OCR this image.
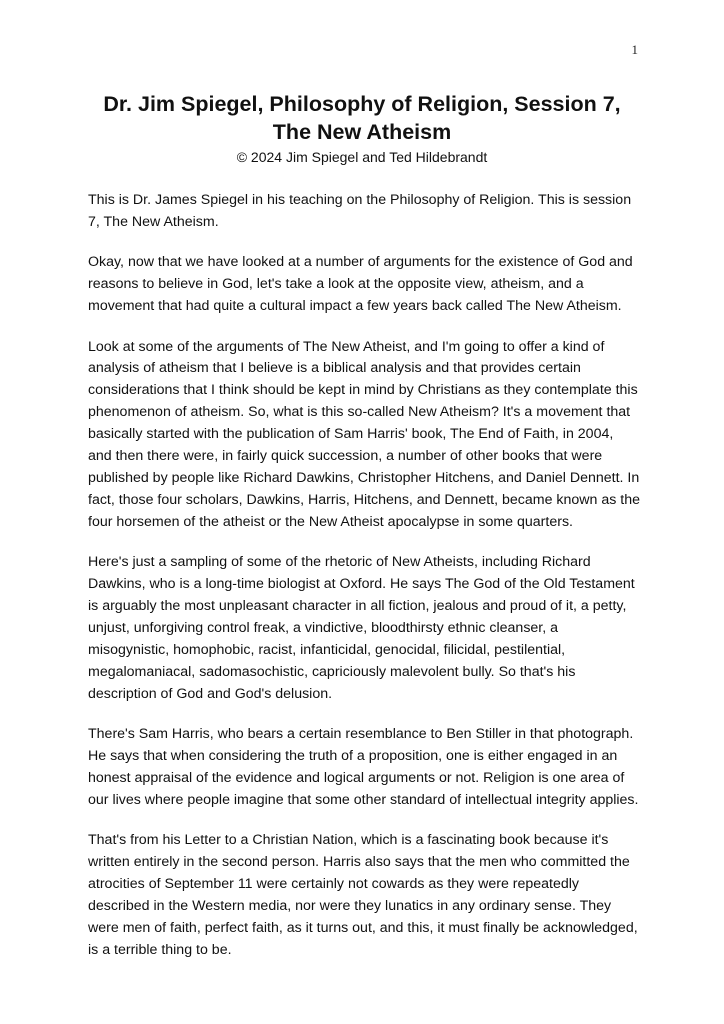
1
Dr. Jim Spiegel, Philosophy of Religion, Session 7, The New Atheism
© 2024 Jim Spiegel and Ted Hildebrandt

This is Dr. James Spiegel in his teaching on the Philosophy of Religion. This is session 7, The New Atheism.

Okay, now that we have looked at a number of arguments for the existence of God and reasons to believe in God, let's take a look at the opposite view, atheism, and a movement that had quite a cultural impact a few years back called The New Atheism.

Look at some of the arguments of The New Atheist, and I'm going to offer a kind of analysis of atheism that I believe is a biblical analysis and that provides certain considerations that I think should be kept in mind by Christians as they contemplate this phenomenon of atheism. So, what is this so-called New Atheism? It's a movement that basically started with the publication of Sam Harris' book, The End of Faith, in 2004, and then there were, in fairly quick succession, a number of other books that were published by people like Richard Dawkins, Christopher Hitchens, and Daniel Dennett. In fact, those four scholars, Dawkins, Harris, Hitchens, and Dennett, became known as the four horsemen of the atheist or the New Atheist apocalypse in some quarters.

Here's just a sampling of some of the rhetoric of New Atheists, including Richard Dawkins, who is a long-time biologist at Oxford. He says The God of the Old Testament is arguably the most unpleasant character in all fiction, jealous and proud of it, a petty, unjust, unforgiving control freak, a vindictive, bloodthirsty ethnic cleanser, a misogynistic, homophobic, racist, infanticidal, genocidal, filicidal, pestilential, megalomaniacal, sadomasochistic, capriciously malevolent bully. So that's his description of God and God's delusion.

There's Sam Harris, who bears a certain resemblance to Ben Stiller in that photograph. He says that when considering the truth of a proposition, one is either engaged in an honest appraisal of the evidence and logical arguments or not. Religion is one area of our lives where people imagine that some other standard of intellectual integrity applies.

That's from his Letter to a Christian Nation, which is a fascinating book because it's written entirely in the second person. Harris also says that the men who committed the atrocities of September 11 were certainly not cowards as they were repeatedly described in the Western media, nor were they lunatics in any ordinary sense. They were men of faith, perfect faith, as it turns out, and this, it must finally be acknowledged, is a terrible thing to be.
